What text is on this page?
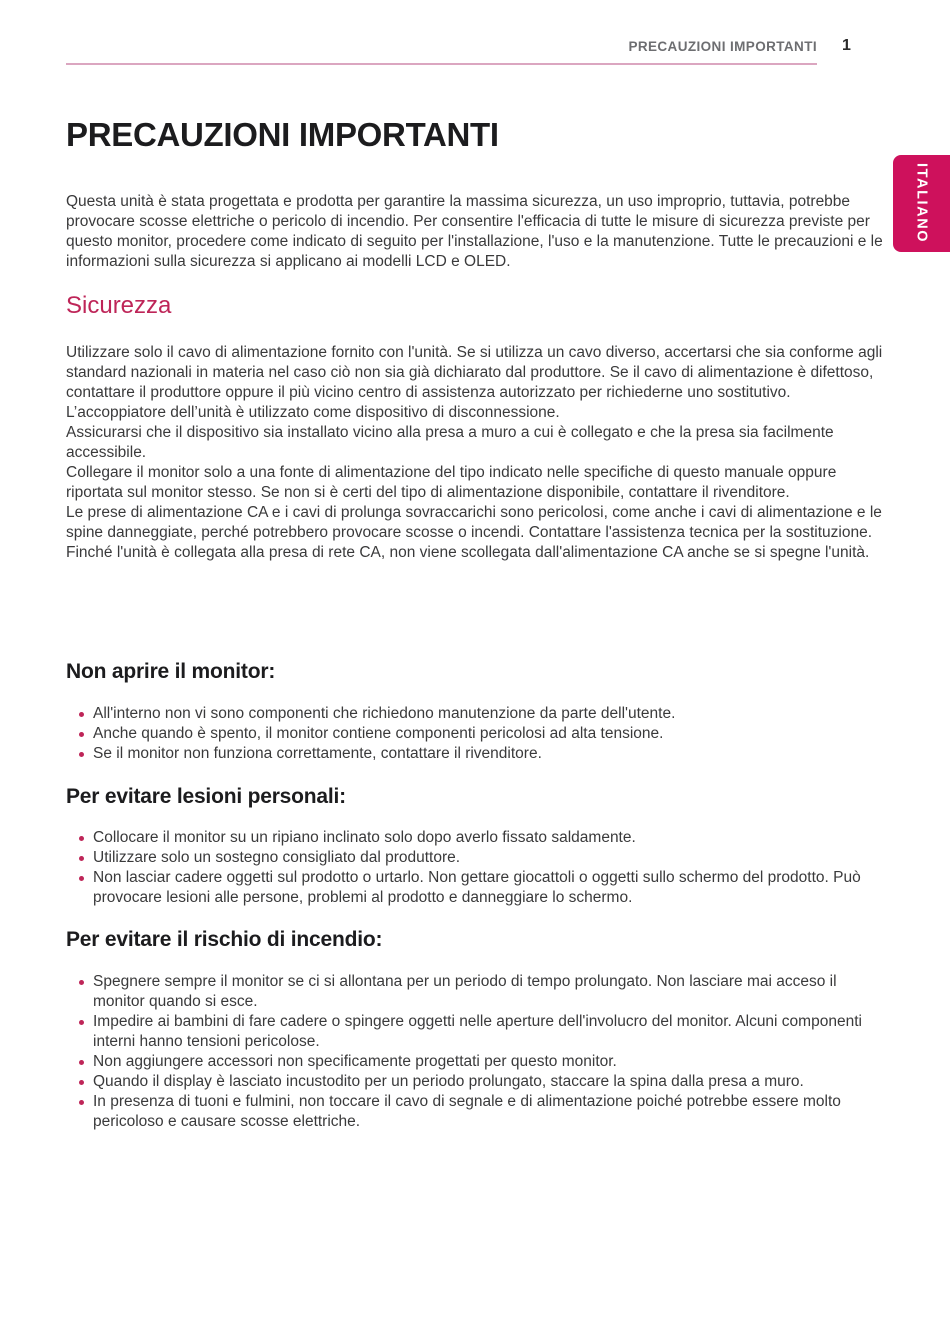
PRECAUZIONI IMPORTANTI 1
ITALIANO
PRECAUZIONI IMPORTANTI

Questa unità è stata progettata e prodotta per garantire la massima sicurezza, un uso improprio, tuttavia, potrebbe provocare scosse elettriche o pericolo di incendio. Per consentire l'efficacia di tutte le misure di sicurezza previste per questo monitor, procedere come indicato di seguito per l'installazione, l'uso e la manutenzione. Tutte le precauzioni e le informazioni sulla sicurezza si applicano ai modelli LCD e OLED.

Sicurezza

Utilizzare solo il cavo di alimentazione fornito con l'unità. Se si utilizza un cavo diverso, accertarsi che sia conforme agli standard nazionali in materia nel caso ciò non sia già dichiarato dal produttore. Se il cavo di alimentazione è difettoso, contattare il produttore oppure il più vicino centro di assistenza autorizzato per richiederne uno sostitutivo.

L’accoppiatore dell’unità è utilizzato come dispositivo di disconnessione.

Assicurarsi che il dispositivo sia installato vicino alla presa a muro a cui è collegato e che la presa sia facilmente accessibile.

Collegare il monitor solo a una fonte di alimentazione del tipo indicato nelle specifiche di questo manuale oppure riportata sul monitor stesso. Se non si è certi del tipo di alimentazione disponibile, contattare il rivenditore.

Le prese di alimentazione CA e i cavi di prolunga sovraccarichi sono pericolosi, come anche i cavi di alimentazione e le spine danneggiate, perché potrebbero provocare scosse o incendi. Contattare l'assistenza tecnica per la sostituzione.

Finché l'unità è collegata alla presa di rete CA, non viene scollegata dall'alimentazione CA anche se si spegne l'unità.

Non aprire il monitor:
All'interno non vi sono componenti che richiedono manutenzione da parte dell'utente.
Anche quando è spento, il monitor contiene componenti pericolosi ad alta tensione.
Se il monitor non funziona correttamente, contattare il rivenditore.
Per evitare lesioni personali:
Collocare il monitor su un ripiano inclinato solo dopo averlo fissato saldamente.
Utilizzare solo un sostegno consigliato dal produttore.
Non lasciar cadere oggetti sul prodotto o urtarlo. Non gettare giocattoli o oggetti sullo schermo del prodotto. Può provocare lesioni alle persone, problemi al prodotto e danneggiare lo schermo.
Per evitare il rischio di incendio:
Spegnere sempre il monitor se ci si allontana per un periodo di tempo prolungato. Non lasciare mai acceso il monitor quando si esce.
Impedire ai bambini di fare cadere o spingere oggetti nelle aperture dell'involucro del monitor. Alcuni componenti interni hanno tensioni pericolose.
Non aggiungere accessori non specificamente progettati per questo monitor.
Quando il display è lasciato incustodito per un periodo prolungato, staccare la spina dalla presa a muro.
In presenza di tuoni e fulmini, non toccare il cavo di segnale e di alimentazione poiché potrebbe essere molto pericoloso e causare scosse elettriche.
